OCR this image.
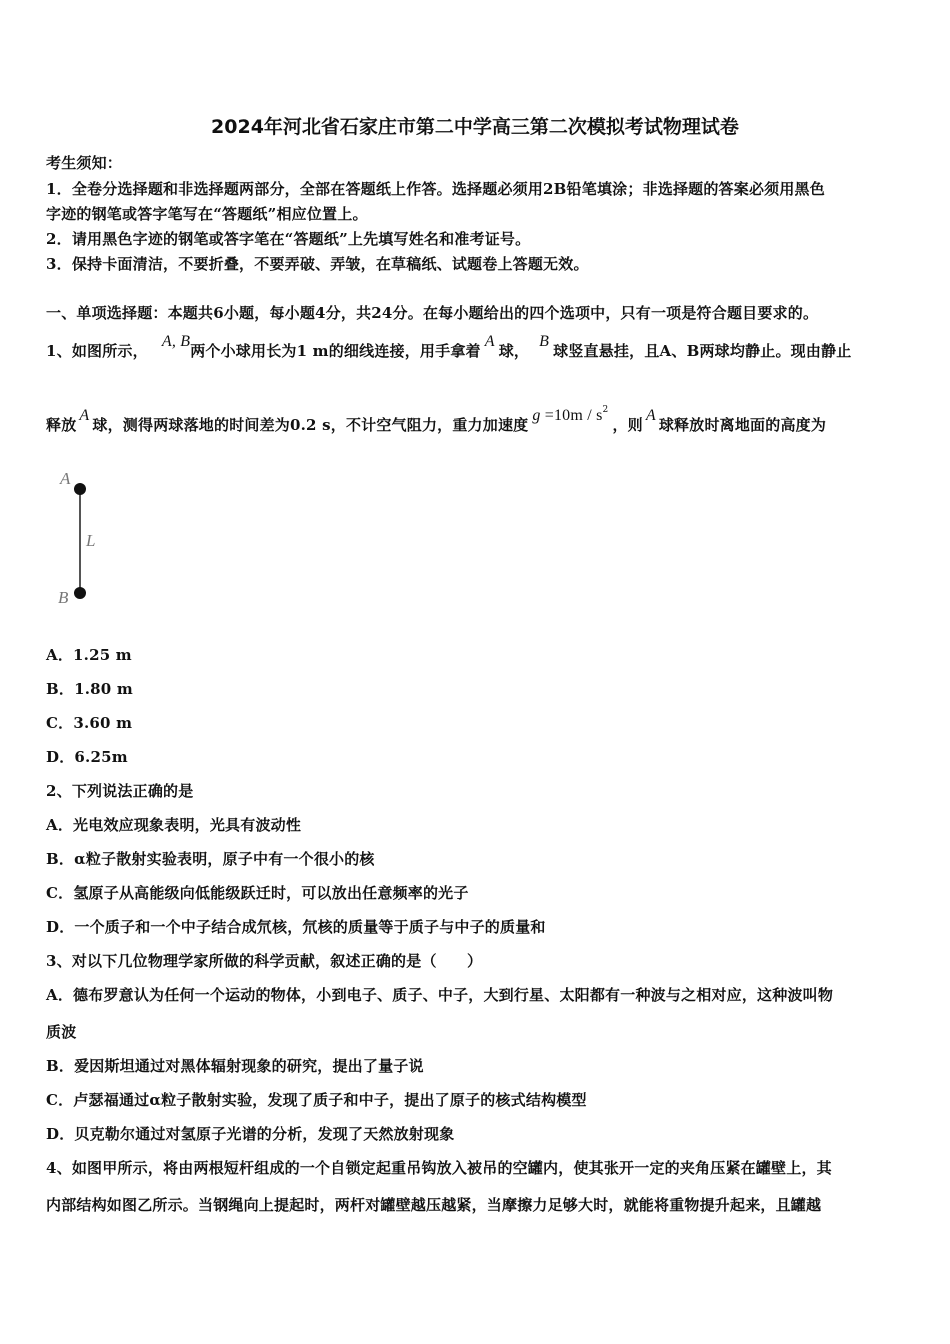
2024年河北省石家庄市第二中学高三第二次模拟考试物理试卷
考生须知：
1．全卷分选择题和非选择题两部分，全部在答题纸上作答。选择题必须用2B铅笔填涂；非选择题的答案必须用黑色
字迹的钢笔或答字笔写在“答题纸”相应位置上。
2．请用黑色字迹的钢笔或答字笔在“答题纸”上先填写姓名和准考证号。
3．保持卡面清洁，不要折叠，不要弄破、弄皱，在草稿纸、试题卷上答题无效。
一、单项选择题：本题共6小题，每小题4分，共24分。在每小题给出的四个选项中，只有一项是符合题目要求的。
1、如图所示，A, B两个小球用长为1 m的细线连接，用手拿着A球，B球竖直悬挂，且A、B两球均静止。现由静止
释放A球，测得两球落地的时间差为0.2 s，不计空气阻力，重力加速度$g =10m / s^2$，则A球释放时离地面的高度为
A
L
B
A．1.25 m
B．1.80 m
C．3.60 m
D．6.25m
2、下列说法正确的是
A．光电效应现象表明，光具有波动性
B．α粒子散射实验表明，原子中有一个很小的核
C．氢原子从高能级向低能级跃迁时，可以放出任意频率的光子
D．一个质子和一个中子结合成氘核，氘核的质量等于质子与中子的质量和
3、对以下几位物理学家所做的科学贡献，叙述正确的是（　　）
A．德布罗意认为任何一个运动的物体，小到电子、质子、中子，大到行星、太阳都有一种波与之相对应，这种波叫物
质波
B．爱因斯坦通过对黑体辐射现象的研究，提出了量子说
C．卢瑟福通过α粒子散射实验，发现了质子和中子，提出了原子的核式结构模型
D．贝克勒尔通过对氢原子光谱的分析，发现了天然放射现象
4、如图甲所示，将由两根短杆组成的一个自锁定起重吊钩放入被吊的空罐内，使其张开一定的夹角压紧在罐壁上，其
内部结构如图乙所示。当钢绳向上提起时，两杆对罐壁越压越紧，当摩擦力足够大时，就能将重物提升起来，且罐越
